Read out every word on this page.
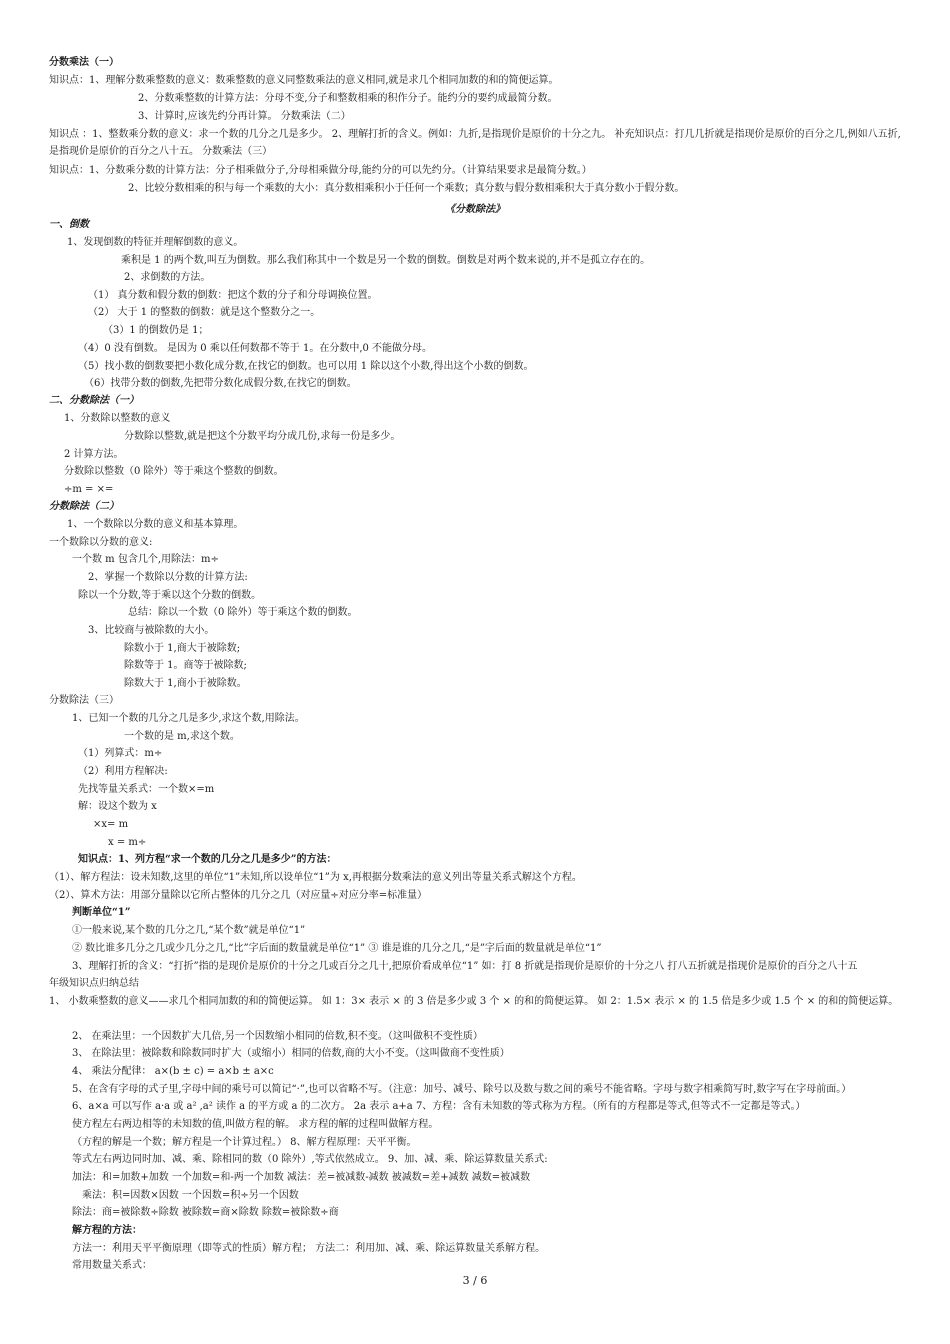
分数乘法（一）
知识点：1、理解分数乘整数的意义：数乘整数的意义同整数乘法的意义相同,就是求几个相同加数的和的简便运算。
2、分数乘整数的计算方法：分母不变,分子和整数相乘的积作分子。能约分的要约成最简分数。
3、计算时,应该先约分再计算。 分数乘法（二）
知识点 ：1、整数乘分数的意义：求一个数的几分之几是多少。 2、理解打折的含义。例如：九折,是指现价是原价的十分之九。 补充知识点：打几几折就是指现价是原价的百分之几,例如八五折,是指现价是原价的百分之八十五。 分数乘法（三）
知识点：1、分数乘分数的计算方法：分子相乘做分子,分母相乘做分母,能约分的可以先约分。（计算结果要求是最简分数。）
2、比较分数相乘的积与每一个乘数的大小：真分数相乘积小于任何一个乘数；真分数与假分数相乘积大于真分数小于假分数。
《分数除法》
一、倒数
1、发现倒数的特征并理解倒数的意义。
乘积是 1 的两个数,叫互为倒数。那么我们称其中一个数是另一个数的倒数。倒数是对两个数来说的,并不是孤立存在的。
2、求倒数的方法。
（1） 真分数和假分数的倒数：把这个数的分子和分母调换位置。
（2） 大于 1 的整数的倒数：就是这个整数分之一。
（3）1 的倒数仍是 1；
（4）0 没有倒数。 是因为 0 乘以任何数都不等于 1。在分数中,0 不能做分母。
（5）找小数的倒数要把小数化成分数,在找它的倒数。也可以用 1 除以这个小数,得出这个小数的倒数。
（6）找带分数的倒数,先把带分数化成假分数,在找它的倒数。
二、分数除法（一）
1、分数除以整数的意义
分数除以整数,就是把这个分数平均分成几份,求每一份是多少。
2 计算方法。
分数除以整数（0 除外）等于乘这个整数的倒数。
÷m = ×=
分数除法（二）
1、一个数除以分数的意义和基本算理。
一个数除以分数的意义:
一个数 m 包含几个,用除法：m÷
2、掌握一个数除以分数的计算方法:
除以一个分数,等于乘以这个分数的倒数。
总结：除以一个数（0 除外）等于乘这个数的倒数。
3、比较商与被除数的大小。
除数小于 1,商大于被除数;
除数等于 1。商等于被除数;
除数大于 1,商小于被除数。
分数除法（三）
1、已知一个数的几分之几是多少,求这个数,用除法。
一个数的是 m,求这个数。
（1）列算式：m÷
（2）利用方程解决:
先找等量关系式：一个数×=m
解：设这个数为 x
×x= m
x = m÷
知识点：1、列方程“求一个数的几分之几是多少”的方法：
（1）、解方程法：设未知数,这里的单位“1”未知,所以设单位“1”为 x,再根据分数乘法的意义列出等量关系式解这个方程。
（2）、算术方法：用部分量除以它所占整体的几分之几（对应量÷对应分率=标准量）
判断单位“1”
①一般来说,某个数的几分之几,“某个数”就是单位“1”
② 数比谁多几分之几或少几分之几,“比”字后面的数量就是单位“1” ③ 谁是谁的几分之几,“是”字后面的数量就是单位“1”
3、理解打折的含义：“打折”指的是现价是原价的十分之几或百分之几十,把原价看成单位“1” 如：打 8 折就是指现价是原价的十分之八 打八五折就是指现价是原价的百分之八十五
年级知识点归纳总结
1、 小数乘整数的意义——求几个相同加数的和的简便运算。 如 1：3× 表示 × 的 3 倍是多少或 3 个 × 的和的简便运算。 如 2：1.5× 表示 × 的 1.5 倍是多少或 1.5 个 × 的和的简便运算。
2、 在乘法里：一个因数扩大几倍,另一个因数缩小相同的倍数,积不变。（这叫做积不变性质）
3、 在除法里：被除数和除数同时扩大（或缩小）相同的倍数,商的大小不变。（这叫做商不变性质）
4、 乘法分配律： a×(b ± c) = a×b ± a×c
5、在含有字母的式子里,字母中间的乘号可以简记“·”,也可以省略不写。（注意：加号、减号、除号以及数与数之间的乘号不能省略。字母与数字相乘简写时,数字写在字母前面。）
6、a×a 可以写作 a·a 或 a² ,a² 读作 a 的平方或 a 的二次方。 2a 表示 a+a 7、方程：含有未知数的等式称为方程。（所有的方程都是等式,但等式不一定都是等式。）
使方程左右两边相等的未知数的值,叫做方程的解。 求方程的解的过程叫做解方程。
（方程的解是一个数；解方程是一个计算过程。） 8、解方程原理：天平平衡。
等式左右两边同时加、减、乘、除相同的数（0 除外）,等式依然成立。 9、加、减、乘、除运算数量关系式:
加法：和=加数+加数 一个加数=和-两一个加数 减法：差=被减数-减数 被减数=差+减数 减数=被减数
乘法：积=因数×因数 一个因数=积÷另一个因数
除法：商=被除数÷除数 被除数=商×除数 除数=被除数÷商
解方程的方法：
方法一：利用天平平衡原理（即等式的性质）解方程； 方法二：利用加、减、乘、除运算数量关系解方程。
常用数量关系式：
3 / 6
